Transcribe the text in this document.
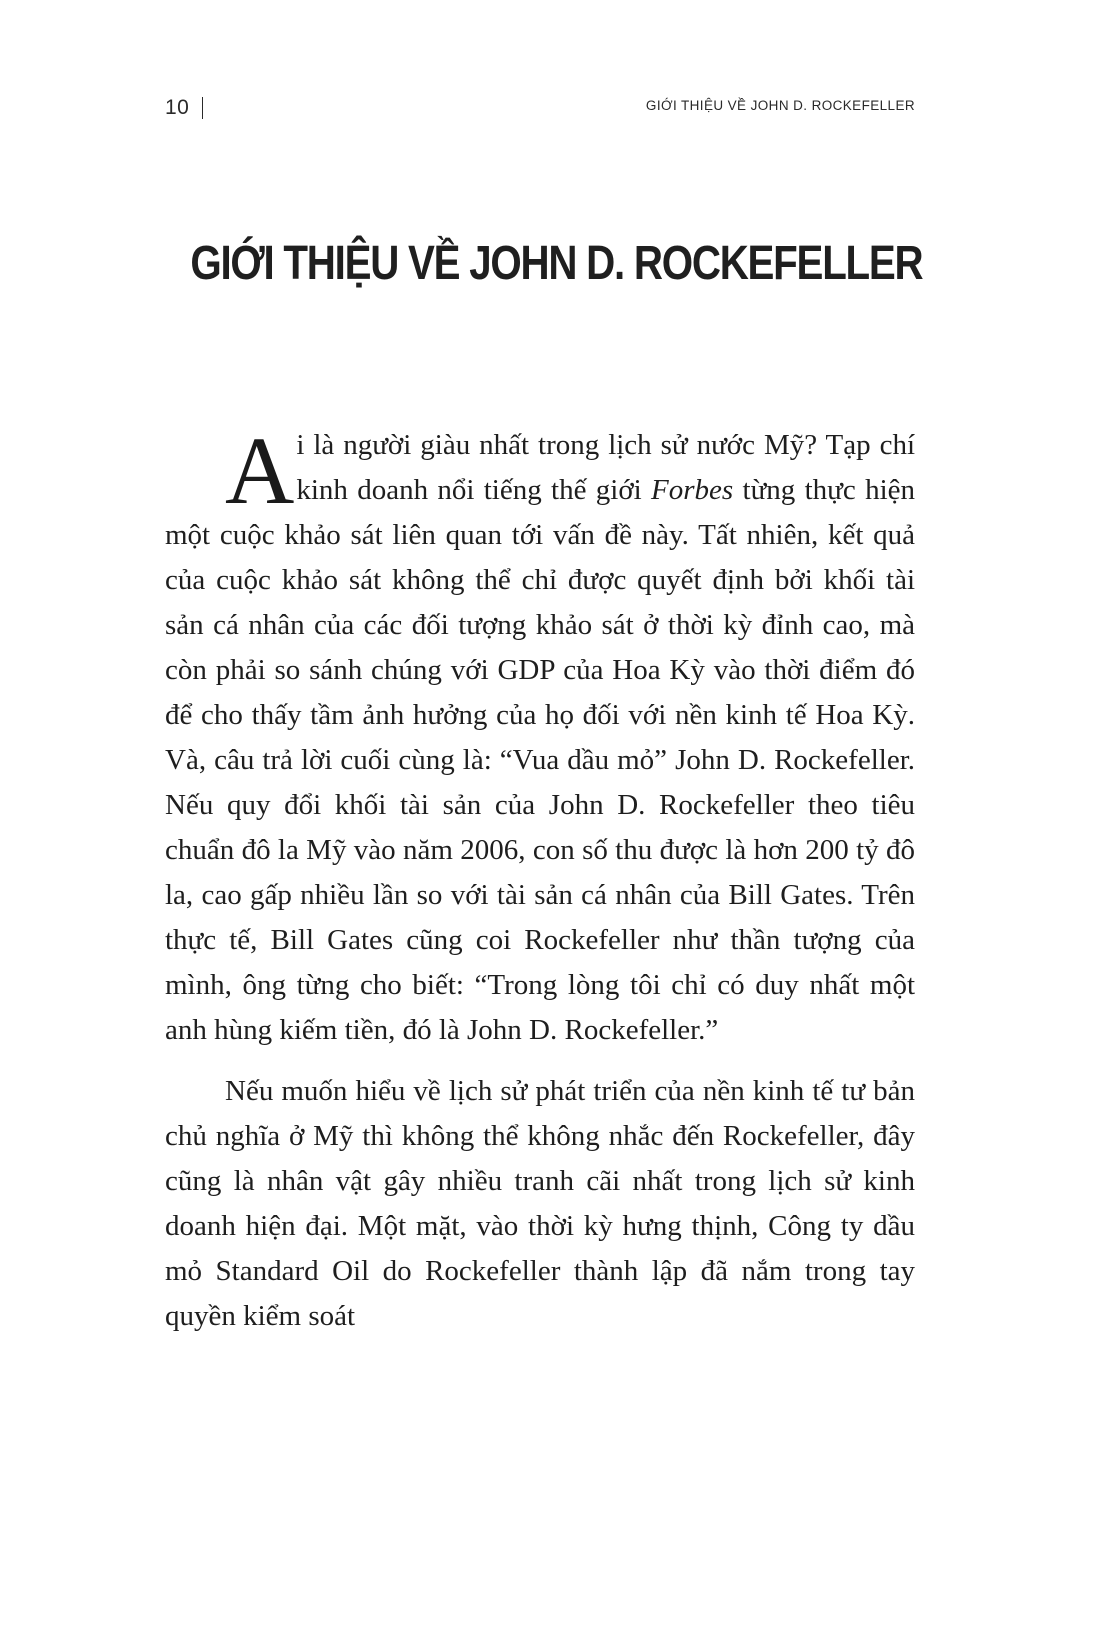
10	GIỚI THIỆU VỀ JOHN D. ROCKEFELLER
GIỚI THIỆU VỀ JOHN D. ROCKEFELLER

Ai là người giàu nhất trong lịch sử nước Mỹ? Tạp chí kinh doanh nổi tiếng thế giới Forbes từng thực hiện một cuộc khảo sát liên quan tới vấn đề này. Tất nhiên, kết quả của cuộc khảo sát không thể chỉ được quyết định bởi khối tài sản cá nhân của các đối tượng khảo sát ở thời kỳ đỉnh cao, mà còn phải so sánh chúng với GDP của Hoa Kỳ vào thời điểm đó để cho thấy tầm ảnh hưởng của họ đối với nền kinh tế Hoa Kỳ. Và, câu trả lời cuối cùng là: “Vua dầu mỏ” John D. Rockefeller. Nếu quy đổi khối tài sản của John D. Rockefeller theo tiêu chuẩn đô la Mỹ vào năm 2006, con số thu được là hơn 200 tỷ đô la, cao gấp nhiều lần so với tài sản cá nhân của Bill Gates. Trên thực tế, Bill Gates cũng coi Rockefeller như thần tượng của mình, ông từng cho biết: “Trong lòng tôi chỉ có duy nhất một anh hùng kiếm tiền, đó là John D. Rockefeller.”

Nếu muốn hiểu về lịch sử phát triển của nền kinh tế tư bản chủ nghĩa ở Mỹ thì không thể không nhắc đến Rockefeller, đây cũng là nhân vật gây nhiều tranh cãi nhất trong lịch sử kinh doanh hiện đại. Một mặt, vào thời kỳ hưng thịnh, Công ty dầu mỏ Standard Oil do Rockefeller thành lập đã nắm trong tay quyền kiểm soát
